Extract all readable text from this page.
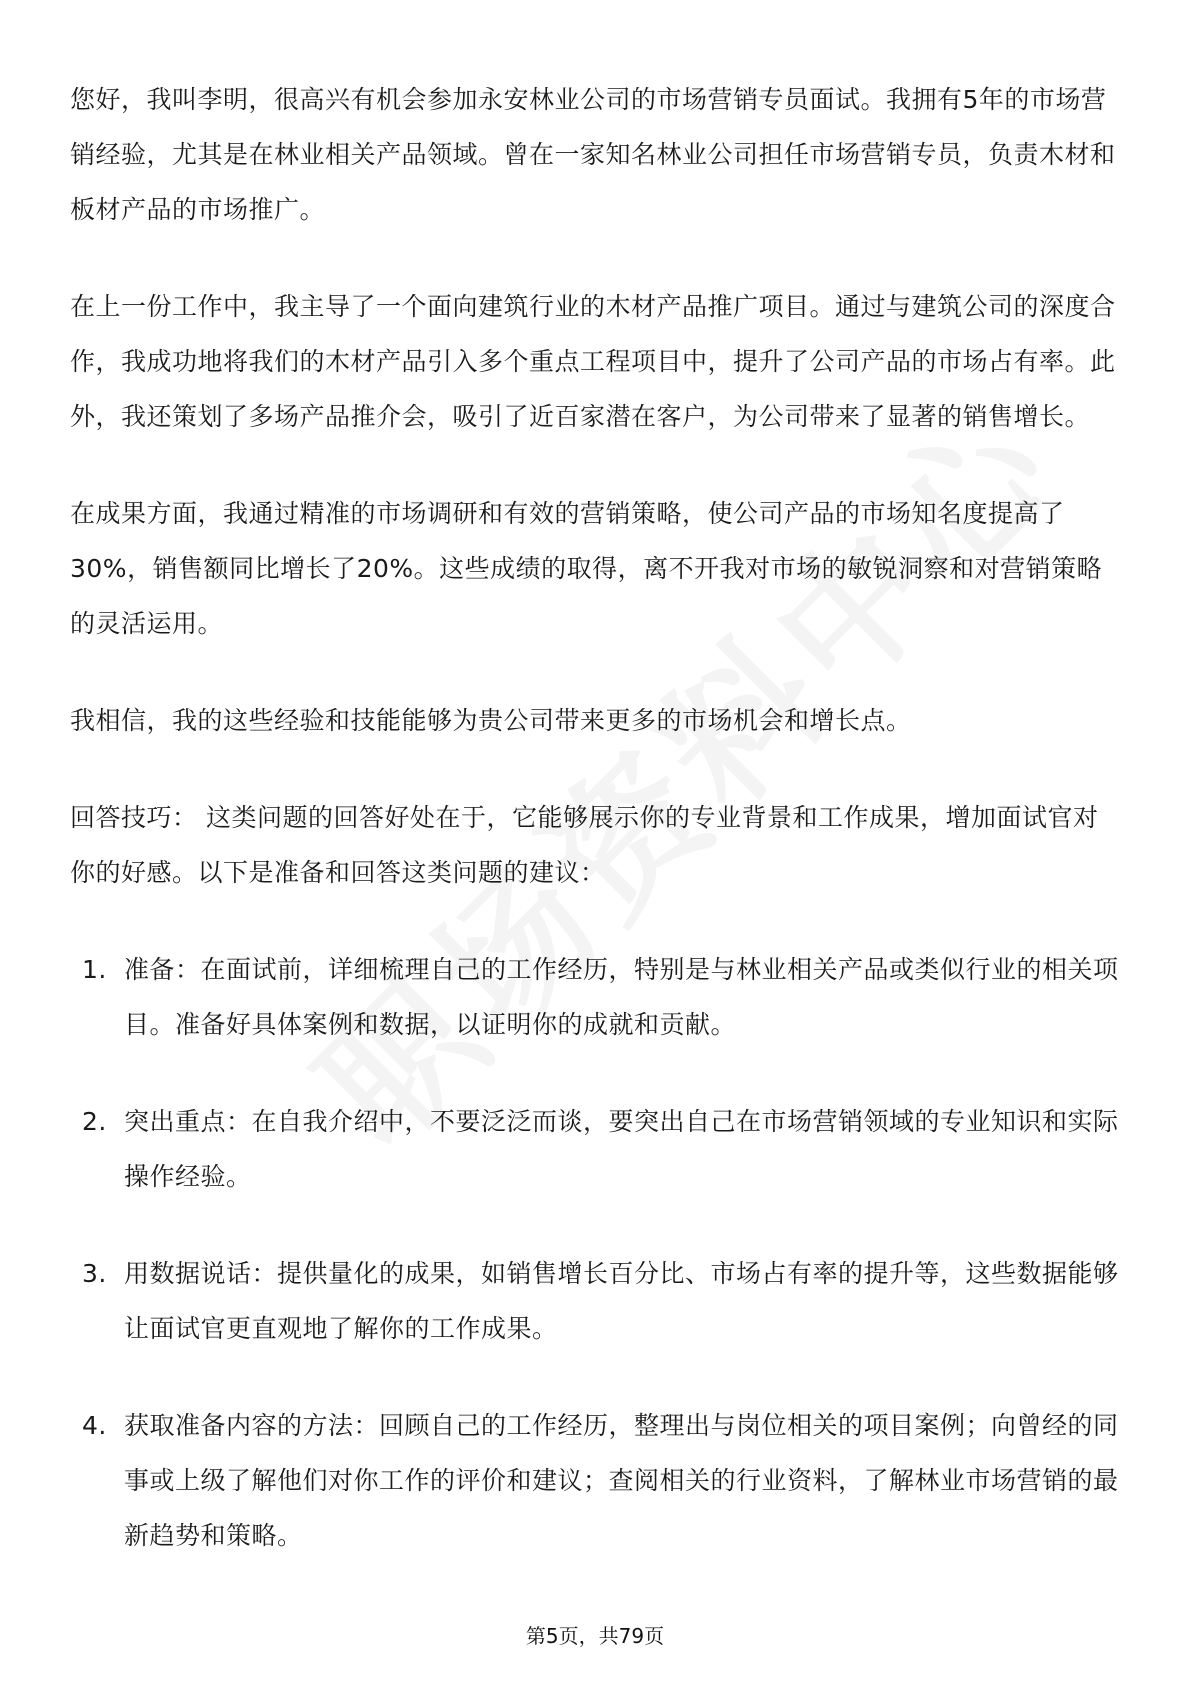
您好，我叫李明，很高兴有机会参加永安林业公司的市场营销专员面试。我拥有5年的市场营销经验，尤其是在林业相关产品领域。曾在一家知名林业公司担任市场营销专员，负责木材和板材产品的市场推广。

在上一份工作中，我主导了一个面向建筑行业的木材产品推广项目。通过与建筑公司的深度合作，我成功地将我们的木材产品引入多个重点工程项目中，提升了公司产品的市场占有率。此外，我还策划了多场产品推介会，吸引了近百家潜在客户，为公司带来了显著的销售增长。

在成果方面，我通过精准的市场调研和有效的营销策略，使公司产品的市场知名度提高了30%，销售额同比增长了20%。这些成绩的取得，离不开我对市场的敏锐洞察和对营销策略的灵活运用。

我相信，我的这些经验和技能能够为贵公司带来更多的市场机会和增长点。

回答技巧： 这类问题的回答好处在于，它能够展示你的专业背景和工作成果，增加面试官对你的好感。以下是准备和回答这类问题的建议：

1. 准备：在面试前，详细梳理自己的工作经历，特别是与林业相关产品或类似行业的相关项目。准备好具体案例和数据，以证明你的成就和贡献。
2. 突出重点：在自我介绍中，不要泛泛而谈，要突出自己在市场营销领域的专业知识和实际操作经验。
3. 用数据说话：提供量化的成果，如销售增长百分比、市场占有率的提升等，这些数据能够让面试官更直观地了解你的工作成果。
4. 获取准备内容的方法：回顾自己的工作经历，整理出与岗位相关的项目案例；向曾经的同事或上级了解他们对你工作的评价和建议；查阅相关的行业资料，了解林业市场营销的最新趋势和策略。
第5页，共79页
